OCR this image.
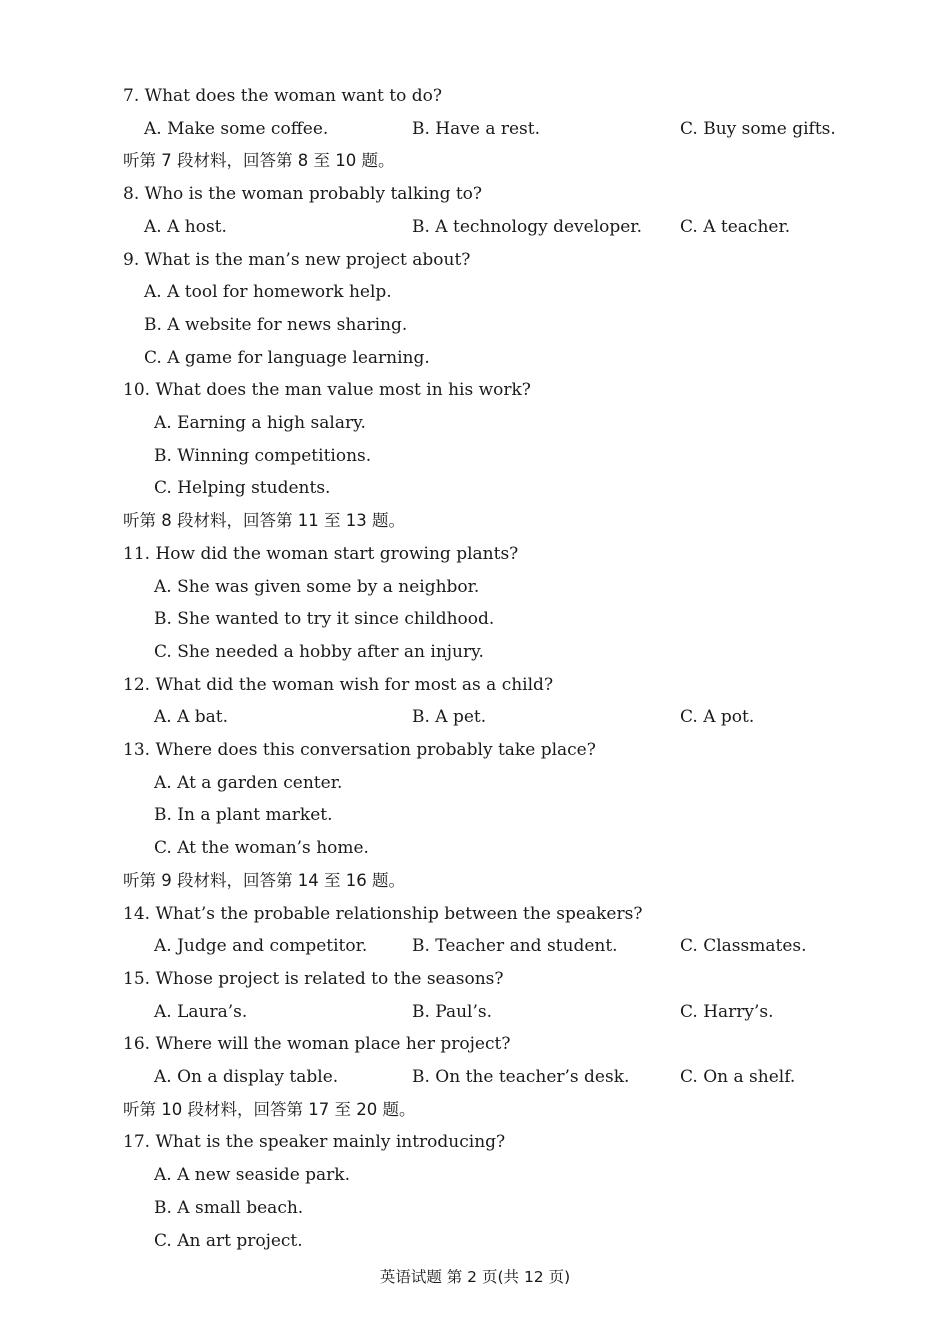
7. What does the woman want to do?
A. Make some coffee.	B. Have a rest.	C. Buy some gifts.
听第 7 段材料，回答第 8 至 10 题。
8. Who is the woman probably talking to?
A. A host.	B. A technology developer. C. A teacher.
9. What is the man’s new project about?
A. A tool for homework help.
B. A website for news sharing.
C. A game for language learning.
10. What does the man value most in his work?
A. Earning a high salary.
B. Winning competitions.
C. Helping students.
听第 8 段材料，回答第 11 至 13 题。
11. How did the woman start growing plants?
A. She was given some by a neighbor.
B. She wanted to try it since childhood.
C. She needed a hobby after an injury.
12. What did the woman wish for most as a child?
A. A bat.	B. A pet.	C. A pot.
13. Where does this conversation probably take place?
A. At a garden center.
B. In a plant market.
C. At the woman’s home.
听第 9 段材料，回答第 14 至 16 题。
14. What’s the probable relationship between the speakers?
A. Judge and competitor.	B. Teacher and student.	C. Classmates.
15. Whose project is related to the seasons?
A. Laura’s.	B. Paul’s.	C. Harry’s.
16. Where will the woman place her project?
A. On a display table.	B. On the teacher’s desk.	C. On a shelf.
听第 10 段材料，回答第 17 至 20 题。
17. What is the speaker mainly introducing?
A. A new seaside park.
B. A small beach.
C. An art project.
英语试题 第 2 页(共 12 页)
